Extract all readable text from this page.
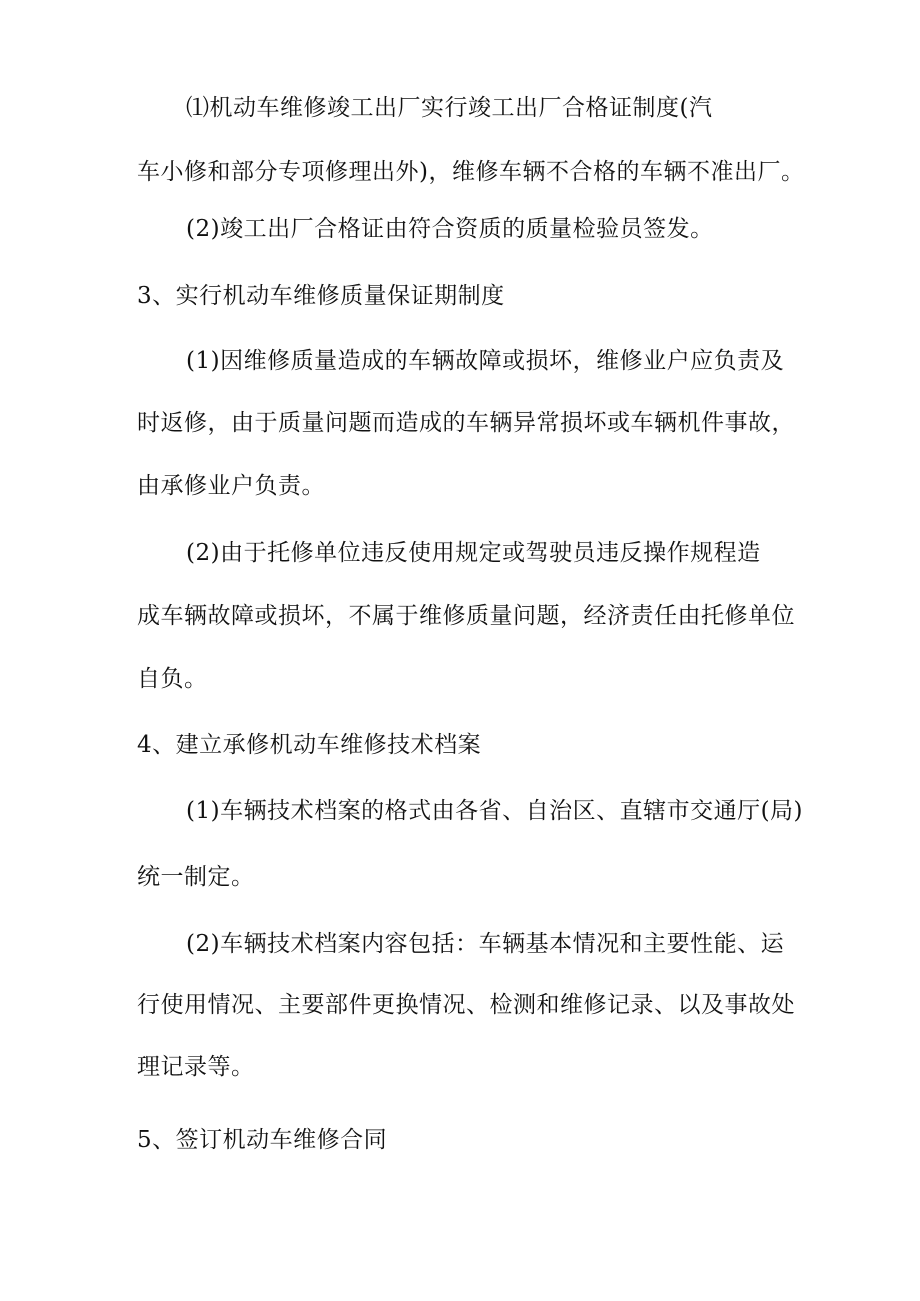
⑴机动车维修竣工出厂实行竣工出厂合格证制度(汽
车小修和部分专项修理出外)，维修车辆不合格的车辆不准出厂。
(2)竣工出厂合格证由符合资质的质量检验员签发。
3、实行机动车维修质量保证期制度
(1)因维修质量造成的车辆故障或损坏，维修业户应负责及
时返修，由于质量问题而造成的车辆异常损坏或车辆机件事故，
由承修业户负责。
(2)由于托修单位违反使用规定或驾驶员违反操作规程造
成车辆故障或损坏，不属于维修质量问题，经济责任由托修单位
自负。
4、建立承修机动车维修技术档案
(1)车辆技术档案的格式由各省、自治区、直辖市交通厅(局)
统一制定。
(2)车辆技术档案内容包括：车辆基本情况和主要性能、运
行使用情况、主要部件更换情况、检测和维修记录、以及事故处
理记录等。
5、签订机动车维修合同
